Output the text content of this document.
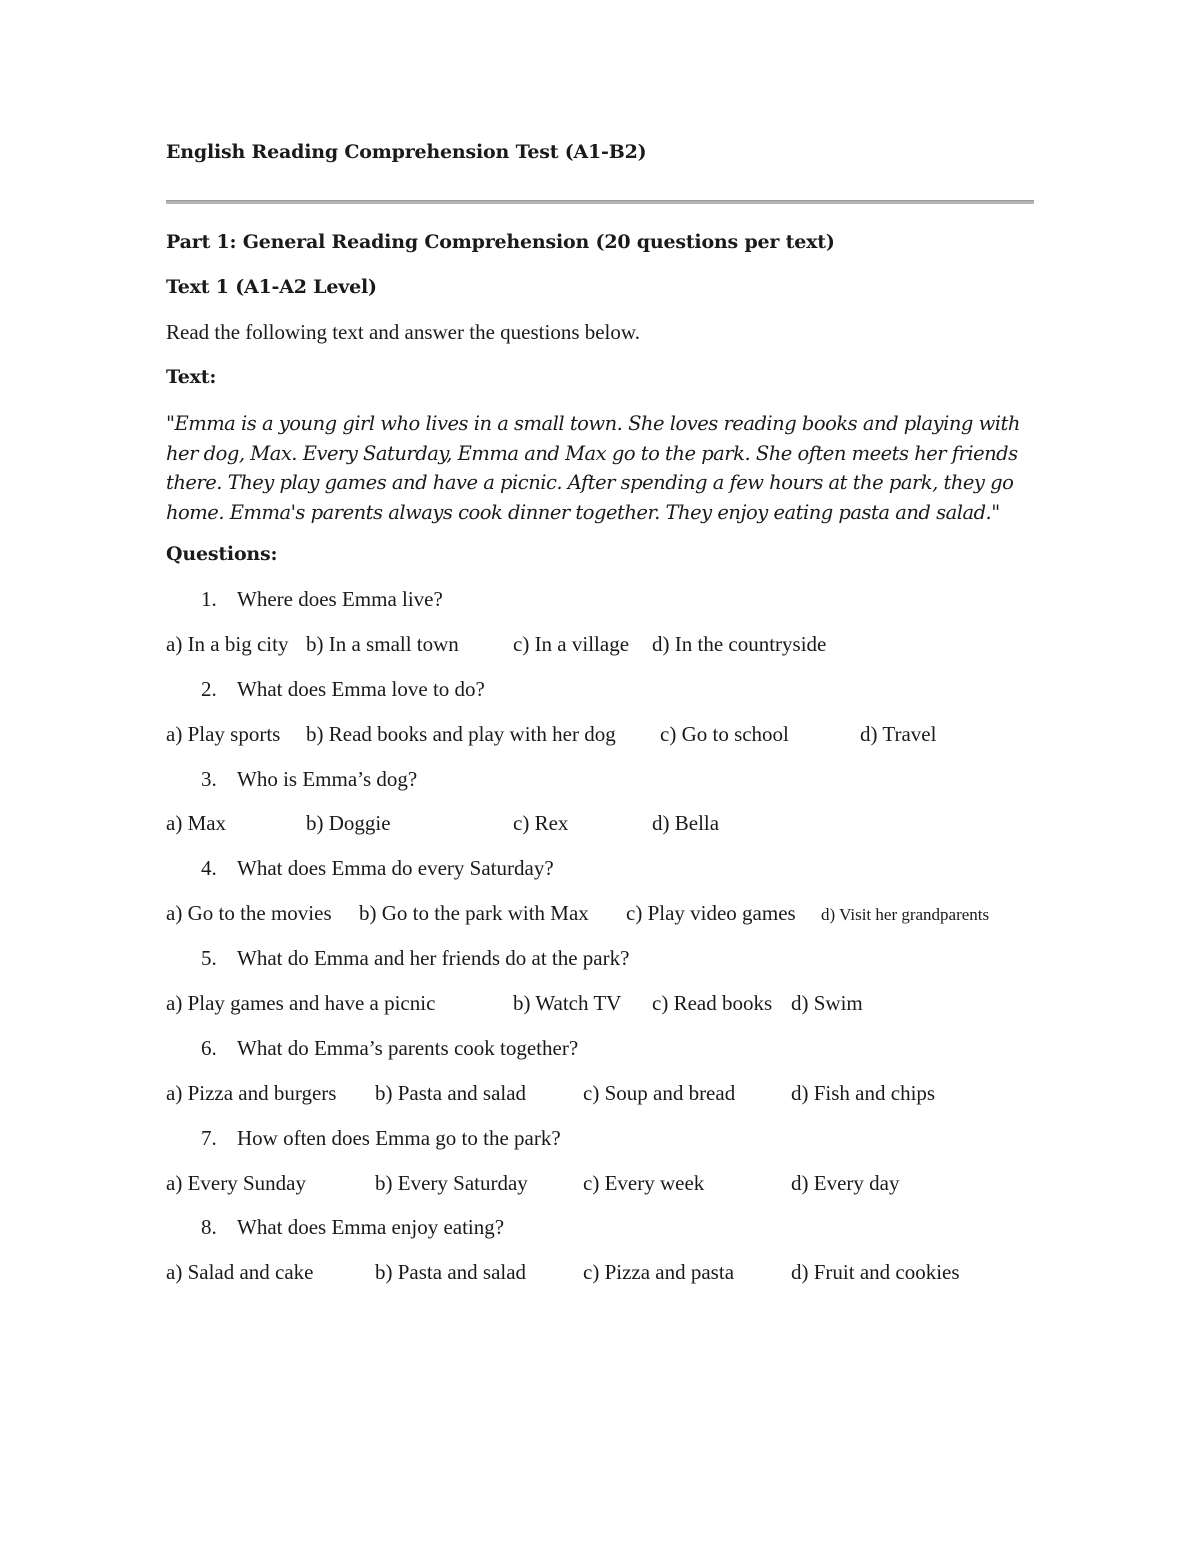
English Reading Comprehension Test (A1-B2)
Part 1: General Reading Comprehension (20 questions per text)
Text 1 (A1-A2 Level)
Read the following text and answer the questions below.
Text:
"Emma is a young girl who lives in a small town. She loves reading books and playing with her dog, Max. Every Saturday, Emma and Max go to the park. She often meets her friends there. They play games and have a picnic. After spending a few hours at the park, they go home. Emma's parents always cook dinner together. They enjoy eating pasta and salad."
Questions:
1. Where does Emma live?
a) In a big city b) In a small town	c) In a village d) In the countryside
2. What does Emma love to do?
a) Play sports b) Read books and play with her dog c) Go to school	d) Travel
3. Who is Emma’s dog?
a) Max	b) Doggie	c) Rex	d) Bella
4. What does Emma do every Saturday?
a) Go to the movies b) Go to the park with Max c) Play video games d) Visit her grandparents
5. What do Emma and her friends do at the park?
a) Play games and have a picnic	b) Watch TV c) Read books d) Swim
6. What do Emma’s parents cook together?
a) Pizza and burgers b) Pasta and salad	c) Soup and bread	d) Fish and chips
7. How often does Emma go to the park?
a) Every Sunday	b) Every Saturday	c) Every week	d) Every day
8. What does Emma enjoy eating?
a) Salad and cake	b) Pasta and salad	c) Pizza and pasta	d) Fruit and cookies
